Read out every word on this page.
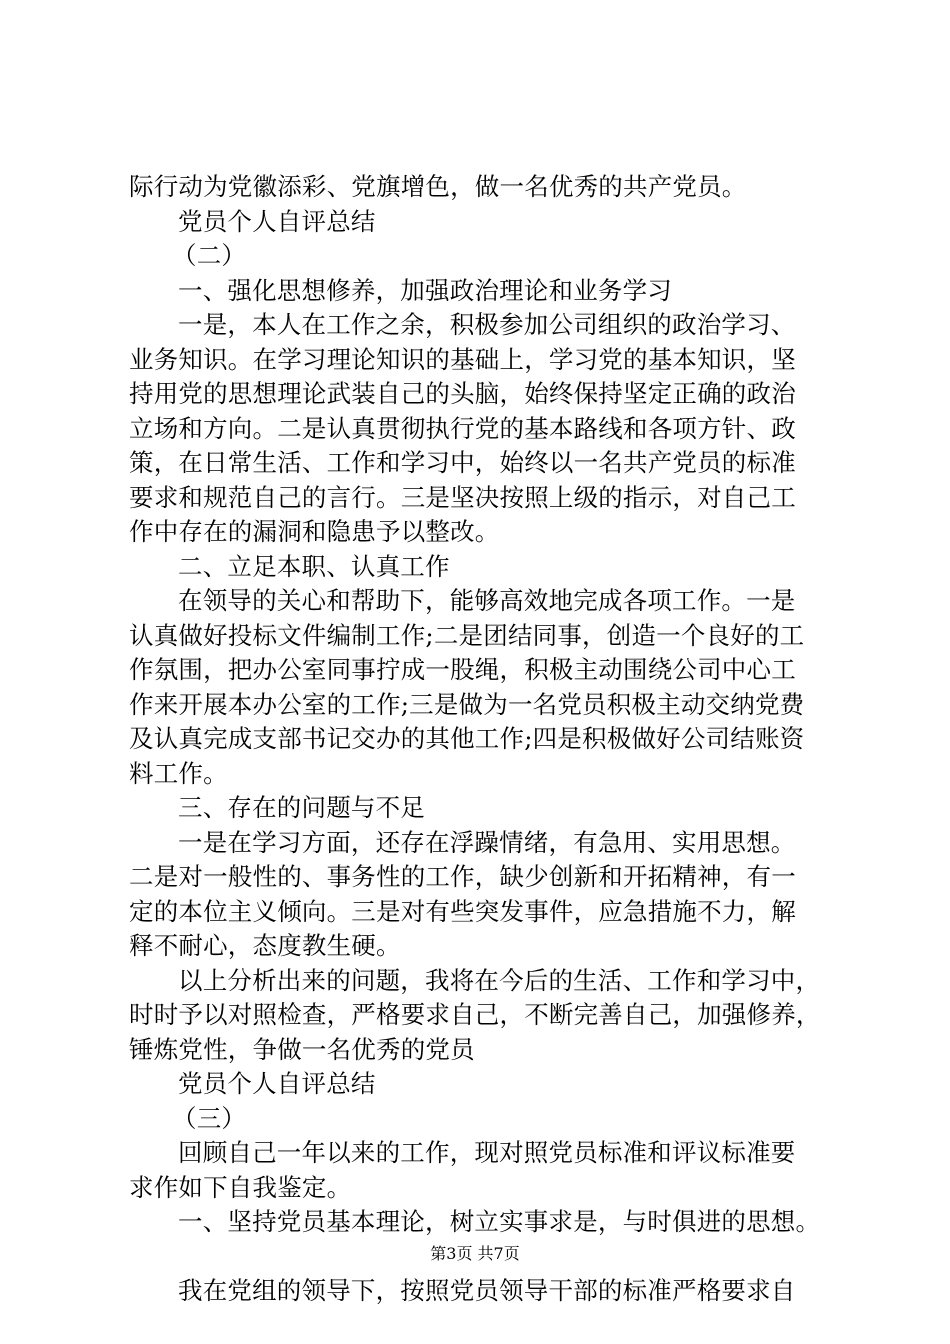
际行动为党徽添彩、党旗增色，做一名优秀的共产党员。
党员个人自评总结
（二）
一、强化思想修养，加强政治理论和业务学习
一是，本人在工作之余，积极参加公司组织的政治学习、
业务知识。在学习理论知识的基础上，学习党的基本知识，坚
持用党的思想理论武装自己的头脑，始终保持坚定正确的政治
立场和方向。二是认真贯彻执行党的基本路线和各项方针、政
策，在日常生活、工作和学习中，始终以一名共产党员的标准
要求和规范自己的言行。三是坚决按照上级的指示，对自己工
作中存在的漏洞和隐患予以整改。
二、立足本职、认真工作
在领导的关心和帮助下，能够高效地完成各项工作。一是
认真做好投标文件编制工作;二是团结同事，创造一个良好的工
作氛围，把办公室同事拧成一股绳，积极主动围绕公司中心工
作来开展本办公室的工作;三是做为一名党员积极主动交纳党费
及认真完成支部书记交办的其他工作;四是积极做好公司结账资
料工作。
三、存在的问题与不足
一是在学习方面，还存在浮躁情绪，有急用、实用思想。
二是对一般性的、事务性的工作，缺少创新和开拓精神，有一
定的本位主义倾向。三是对有些突发事件，应急措施不力，解
释不耐心，态度教生硬。
以上分析出来的问题，我将在今后的生活、工作和学习中，
时时予以对照检查，严格要求自己，不断完善自己，加强修养，
锤炼党性，争做一名优秀的党员
党员个人自评总结
（三）
回顾自己一年以来的工作，现对照党员标准和评议标准要
求作如下自我鉴定。
一、坚持党员基本理论，树立实事求是，与时俱进的思想。
我在党组的领导下，按照党员领导干部的标准严格要求自
第3页 共7页
